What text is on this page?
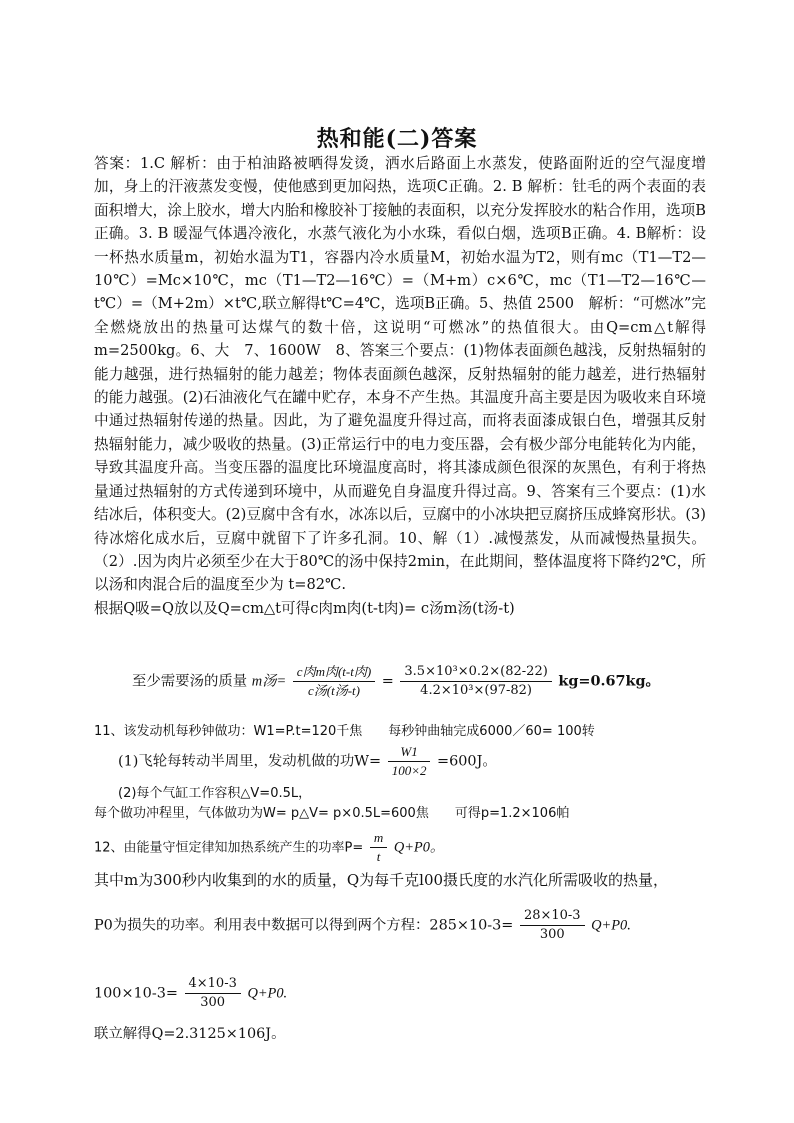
热和能(二)答案

答案：1.C 解析：由于柏油路被晒得发烫，洒水后路面上水蒸发，使路面附近的空气湿度增加，身上的汗液蒸发变慢，使他感到更加闷热，选项C正确。2. B 解析：钍毛的两个表面的表面积增大，涂上胶水，增大内胎和橡胶补丁接触的表面积，以充分发挥胶水的粘合作用，选项B正确。3. B 暖湿气体遇冷液化，水蒸气液化为小水珠，看似白烟，选项B正确。4. B解析：设一杯热水质量m，初始水温为T1，容器内冷水质量M，初始水温为T2，则有mc（T1—T2—10℃）=Mc×10℃，mc（T1—T2—16℃）=（M+m）c×6℃，mc（T1—T2—16℃— t℃）=（M+2m）×t℃,联立解得t℃=4℃，选项B正确。5、热值 2500　解析：“可燃冰”完全燃烧放出的热量可达煤气的数十倍，这说明“可燃冰”的热值很大。由Q=cm△t解得m=2500kg。6、大　7、1600W　8、答案三个要点：(1)物体表面颜色越浅，反射热辐射的能力越强，进行热辐射的能力越差；物体表面颜色越深，反射热辐射的能力越差，进行热辐射的能力越强。(2)石油液化气在罐中贮存，本身不产生热。其温度升高主要是因为吸收来自环境中通过热辐射传递的热量。因此，为了避免温度升得过高，而将表面漆成银白色，增强其反射热辐射能力，减少吸收的热量。(3)正常运行中的电力变压器，会有极少部分电能转化为内能，导致其温度升高。当变压器的温度比环境温度高时，将其漆成颜色很深的灰黑色，有利于将热量通过热辐射的方式传递到环境中，从而避免自身温度升得过高。9、答案有三个要点：(1)水结冰后，体积变大。(2)豆腐中含有水，冰冻以后，豆腐中的小冰块把豆腐挤压成蜂窝形状。(3)待冰熔化成水后，豆腐中就留下了许多孔洞。10、解（1）.减慢蒸发，从而减慢热量损失。（2）.因为肉片必须至少在大于80℃的汤中保持2min，在此期间，整体温度将下降约2℃，所以汤和肉混合后的温度至少为 t=82℃.

根据Q吸=Q放以及Q=cm△t可得c肉m肉(t-t肉)= c汤m汤(t汤-t)

至少需要汤的质量 m汤= $\frac{\text{c肉m肉(t-t肉)}}{\text{c汤(t汤-t)}} = \frac{\text{3.5×10³×0.2×(82-22)}}{\text{4.2×10³×(97-82)}} kg=0.67kg$。
11、该发动机每秒钟做功：W1=P.t=120千焦　　每秒钟曲轴完成6000／60= 100转
(1)飞轮每转动半周里，发动机做的功$W= \frac{W1}{100\times 2} =600J$。
(2)每个气缸工作容积△V=0.5L，
每个做功冲程里，气体做功为W= p△V= p×0.5L=600焦　　可得p=1.2×106帕
12、由能量守恒定律知加热系统产生的功率$P= \frac{m}{t} Q+P0$。
其中m为300秒内收集到的水的质量，Q为每千克l00摄氏度的水汽化所需吸收的热量，
P0为损失的功率。利用表中数据可以得到两个方程：$285\times 10-3= \frac{28\times 10-3}{300} Q+P0$.
$100\times 10-3= \frac{4\times 10-3}{300} Q+P0$.
联立解得Q=2.3125×106J。
